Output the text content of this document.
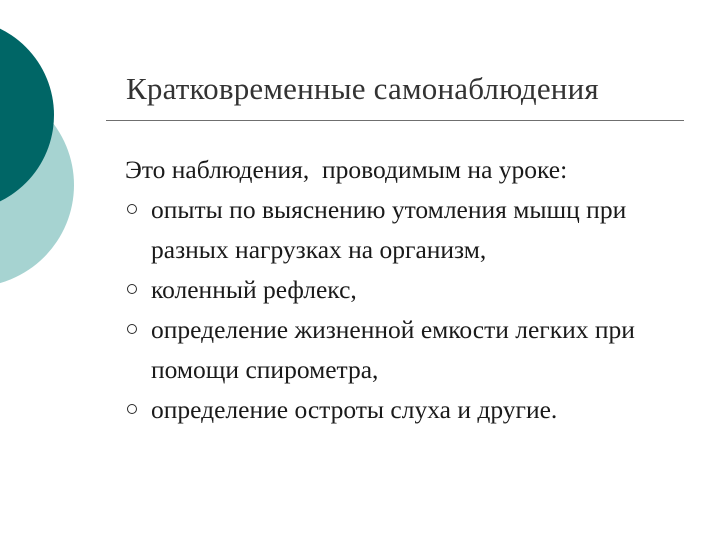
Кратковременные самонаблюдения
Это наблюдения,  проводимым на уроке:
опыты по выяснению утомления мышц при разных нагрузках на организм,
коленный рефлекс,
определение жизненной емкости легких при помощи спирометра,
определение остроты слуха и другие.
